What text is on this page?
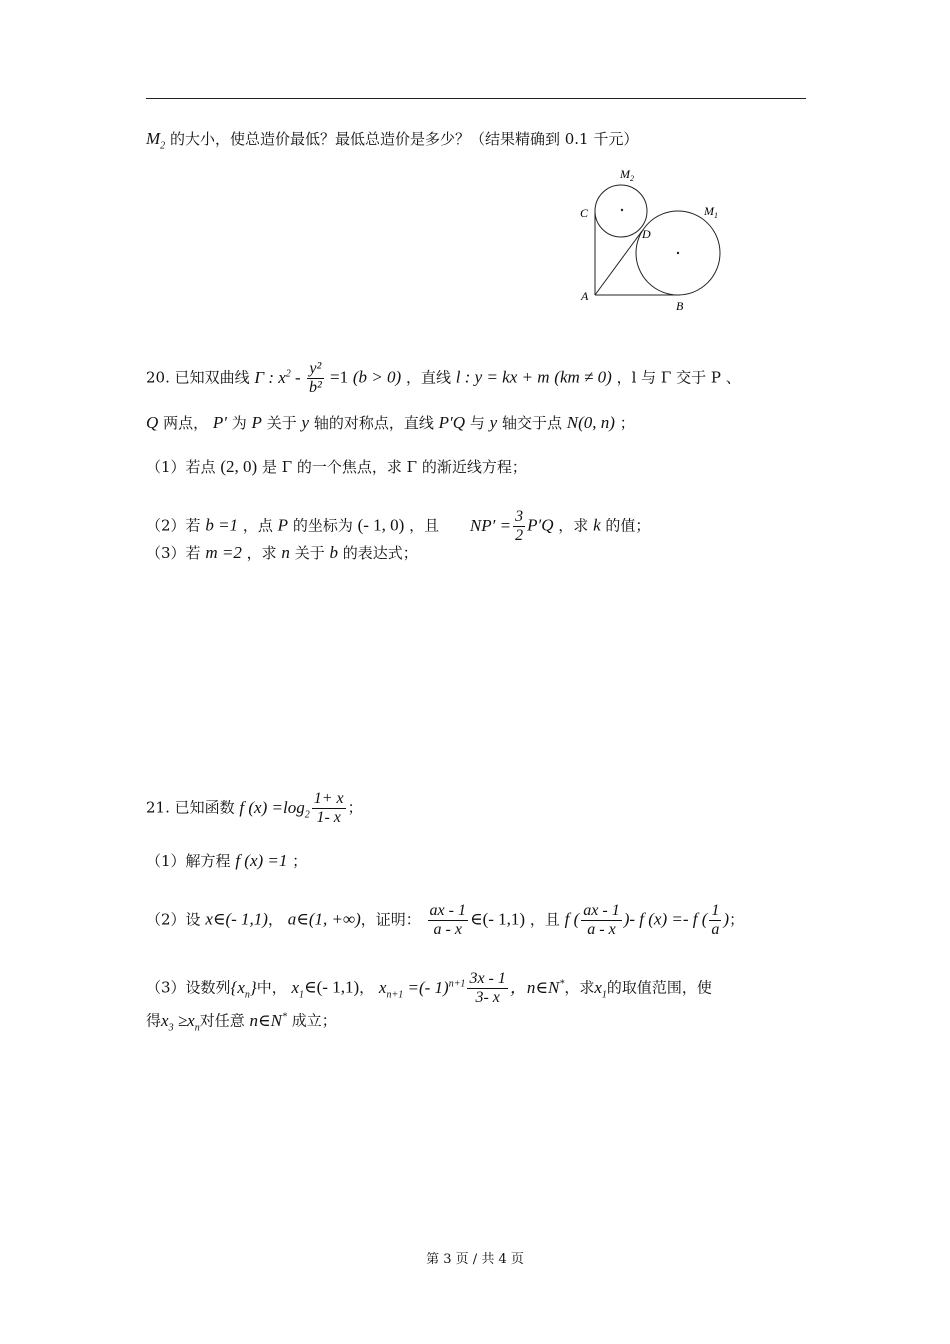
$M_2$ 的大小，使总造价最低？最低总造价是多少？（结果精确到 0.1 千元）
$M_2$
$M_1$
C
D
A
B
20. 已知双曲线 Γ : $x^2 - \frac{\text{y²}}{\text{b²}} =1$ (b > 0) ，直线 l : y = kx + m (km ≠ 0) ，l 与 Γ 交于 P 、
Q 两点， P′ 为 P 关于 y 轴的对称点，直线 P′Q 与 y 轴交于点 N(0, n) ；
（1）若点 (2, 0) 是 Γ 的一个焦点，求 Γ 的渐近线方程；
（2）若 b =1 ，点 P 的坐标为 (- 1, 0) ，且 $NP' = \frac{3}{2} P'Q$ ，求 k 的值；
（3）若 m =2 ，求 n 关于 b 的表达式；
21. 已知函数 f $(x) =\log_2 \frac{1+ x}{1- x}$ ；
（1）解方程 f (x) =1 ；
（2）设 x∈(- 1,1)， a∈(1, +∞)，证明： $\frac{ax - 1}{a - x}$ ∈(- 1,1) ，且 f ( $\frac{ax - 1}{a - x}$ )- f (x) =- f ( $\frac{1}{a}$ )；
（3）设数列$\{x_n\}$中， $x_1\in(-$ 1,1)， $x_{n+1}$ =(- $1)^{n+1} \frac{3x - 1}{3- x}$ ，n∈N*，求$x_1$的取值范围，使
得$x_3 \ge x_n$对任意 n∈N* 成立；
第 3 页 / 共 4 页
